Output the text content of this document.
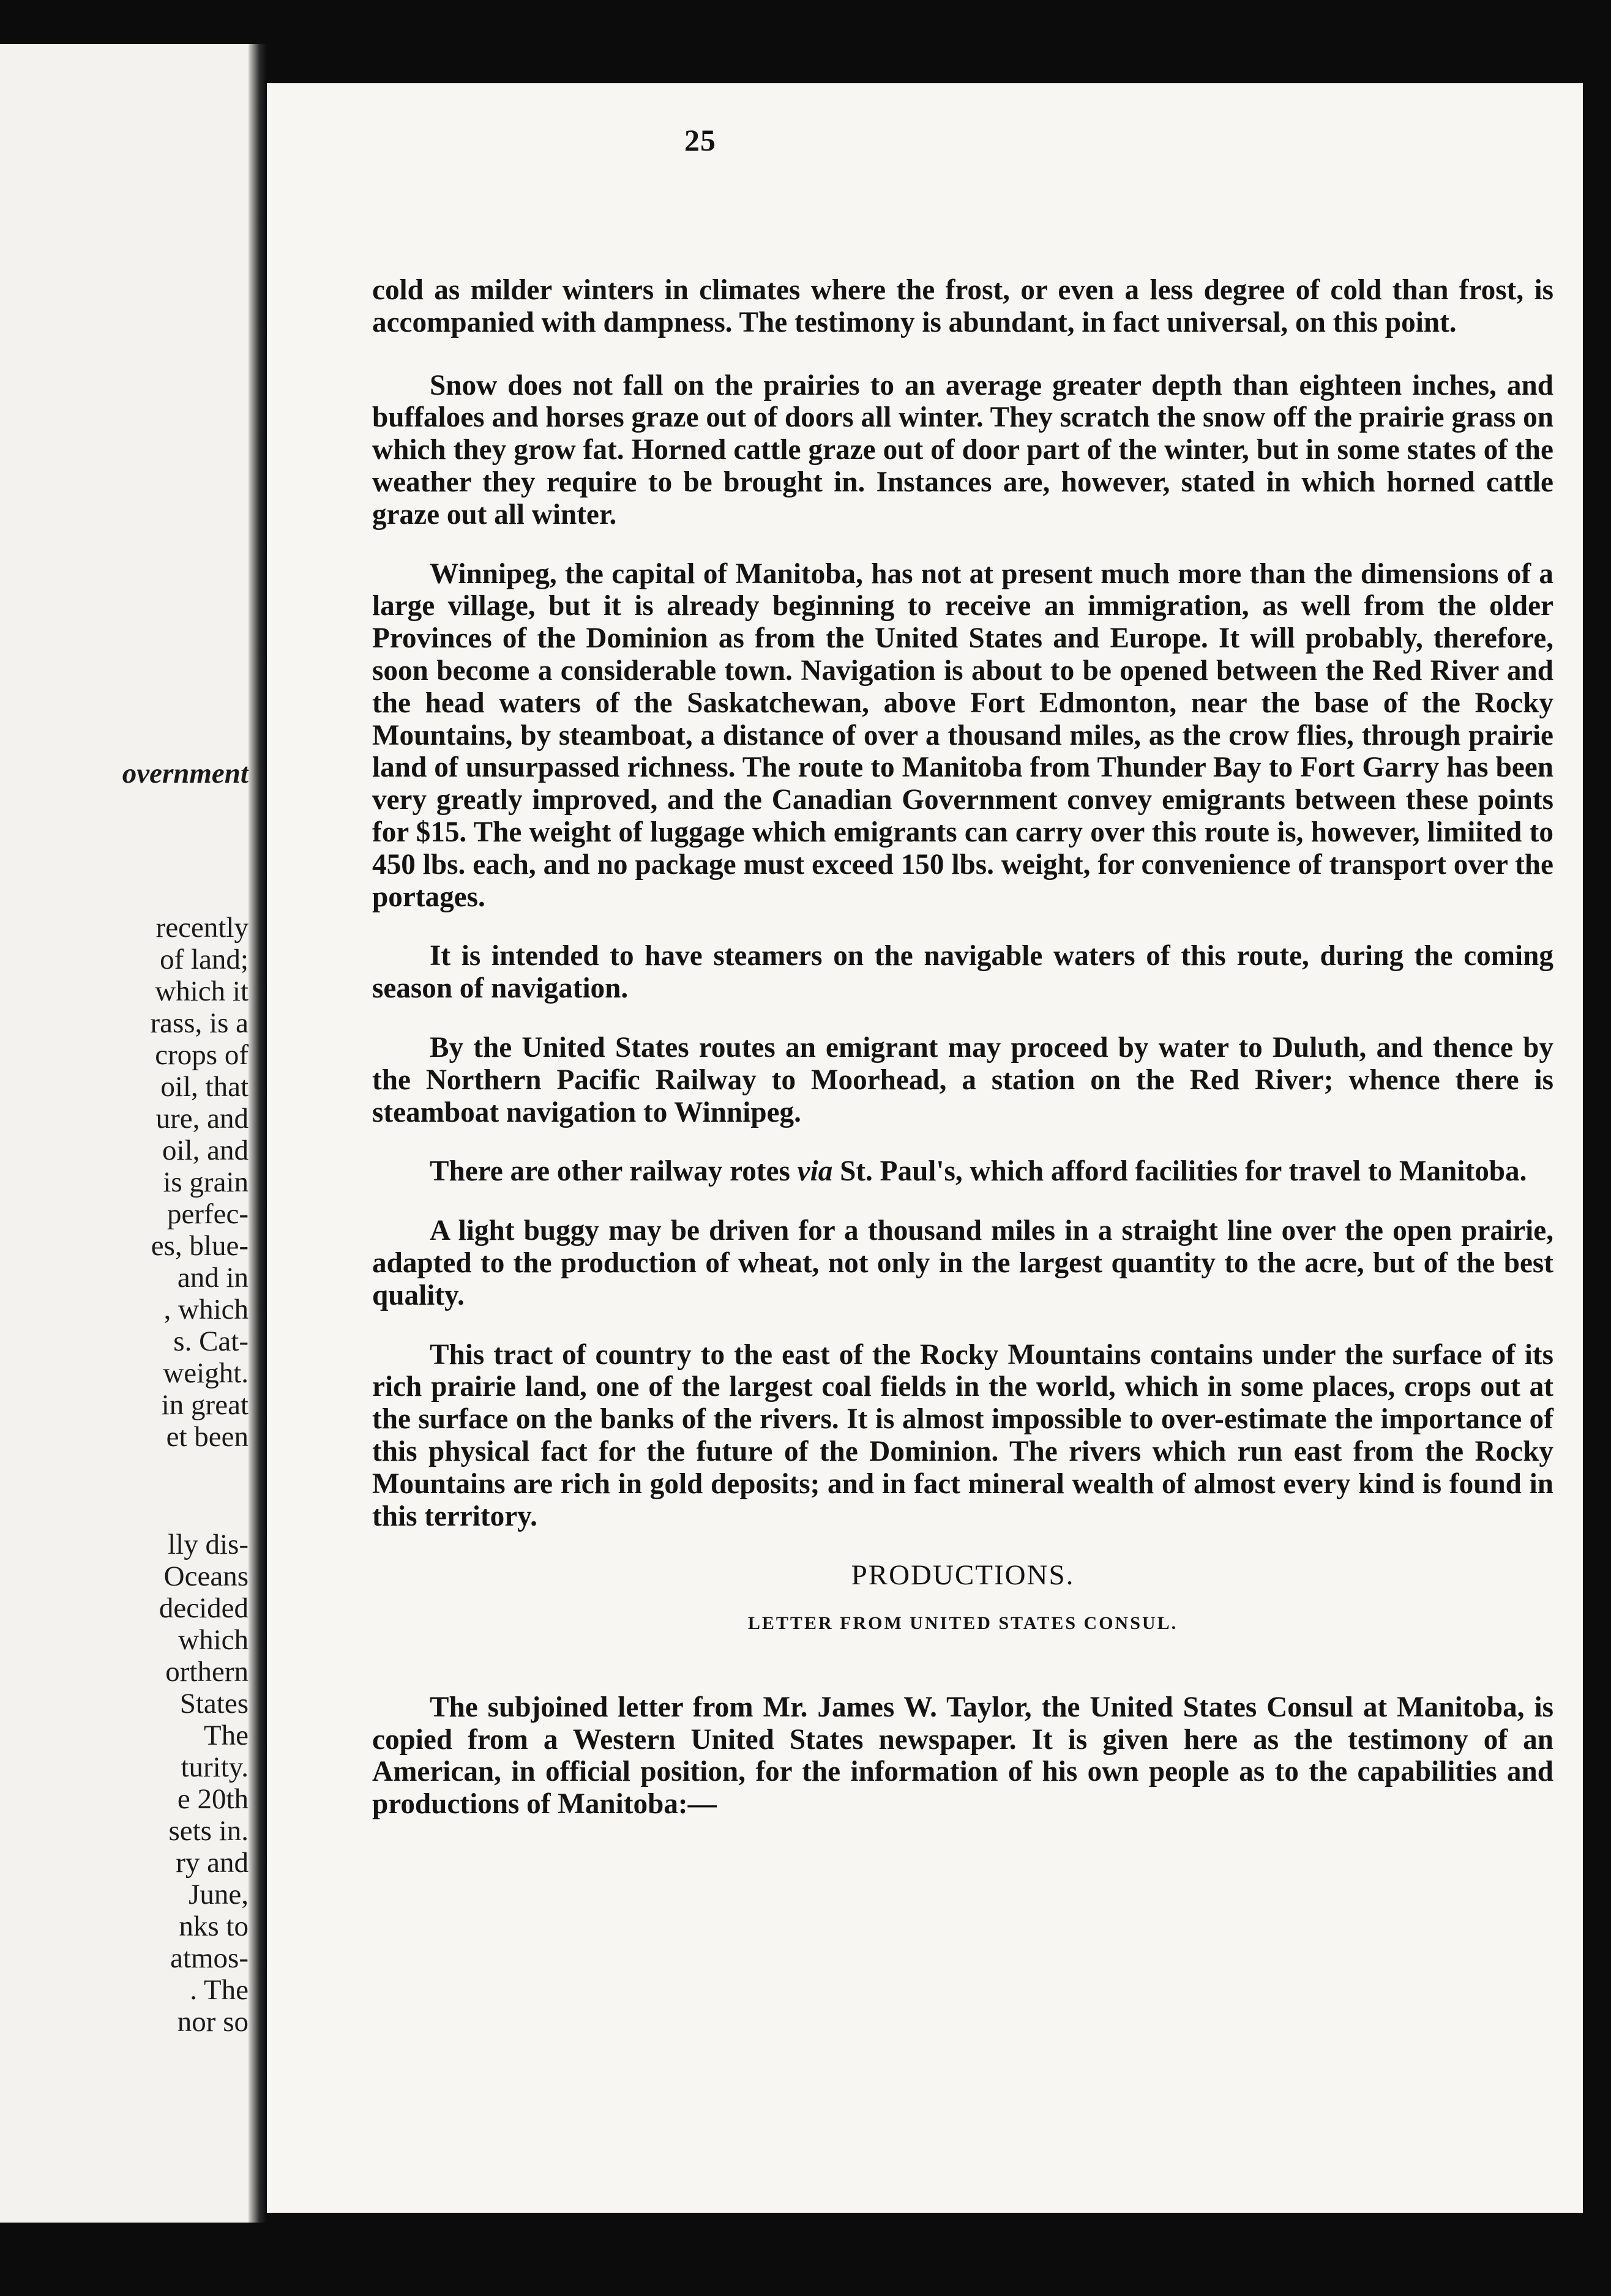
overnment
recently
of land;
which it
rass, is a
crops of
oil, that
ure, and
oil, and
is grain
perfec-
es, blue-
and in
, which
s. Cat-
weight.
in great
et been
lly dis-
Oceans
decided
which
orthern
States
The
turity.
e 20th
sets in.
ry and
June,
nks to
atmos-
. The
nor so
25

cold as milder winters in climates where the frost, or even a less degree of cold than frost, is accompanied with dampness. The testimony is abundant, in fact universal, on this point.

Snow does not fall on the prairies to an average greater depth than eighteen inches, and buffaloes and horses graze out of doors all winter. They scratch the snow off the prairie grass on which they grow fat. Horned cattle graze out of door part of the winter, but in some states of the weather they require to be brought in. Instances are, however, stated in which horned cattle graze out all winter.

Winnipeg, the capital of Manitoba, has not at present much more than the dimensions of a large village, but it is already beginning to receive an immigration, as well from the older Provinces of the Dominion as from the United States and Europe. It will probably, therefore, soon become a considerable town. Navigation is about to be opened between the Red River and the head waters of the Saskatchewan, above Fort Edmonton, near the base of the Rocky Mountains, by steamboat, a distance of over a thousand miles, as the crow flies, through prairie land of unsurpassed richness. The route to Manitoba from Thunder Bay to Fort Garry has been very greatly improved, and the Canadian Government convey emigrants between these points for $15. The weight of luggage which emigrants can carry over this route is, however, limiited to 450 lbs. each, and no package must exceed 150 lbs. weight, for convenience of transport over the portages.

It is intended to have steamers on the navigable waters of this route, during the coming season of navigation.

By the United States routes an emigrant may proceed by water to Duluth, and thence by the Northern Pacific Railway to Moorhead, a station on the Red River; whence there is steamboat navigation to Winnipeg.

There are other railway rotes via St. Paul's, which afford facilities for travel to Manitoba.

A light buggy may be driven for a thousand miles in a straight line over the open prairie, adapted to the production of wheat, not only in the largest quantity to the acre, but of the best quality.

This tract of country to the east of the Rocky Mountains contains under the surface of its rich prairie land, one of the largest coal fields in the world, which in some places, crops out at the surface on the banks of the rivers. It is almost impossible to over-estimate the importance of this physical fact for the future of the Dominion. The rivers which run east from the Rocky Mountains are rich in gold deposits; and in fact mineral wealth of almost every kind is found in this territory.

PRODUCTIONS.

LETTER FROM UNITED STATES CONSUL.

The subjoined letter from Mr. James W. Taylor, the United States Consul at Manitoba, is copied from a Western United States newspaper. It is given here as the testimony of an American, in official position, for the information of his own people as to the capabilities and productions of Manitoba:—
